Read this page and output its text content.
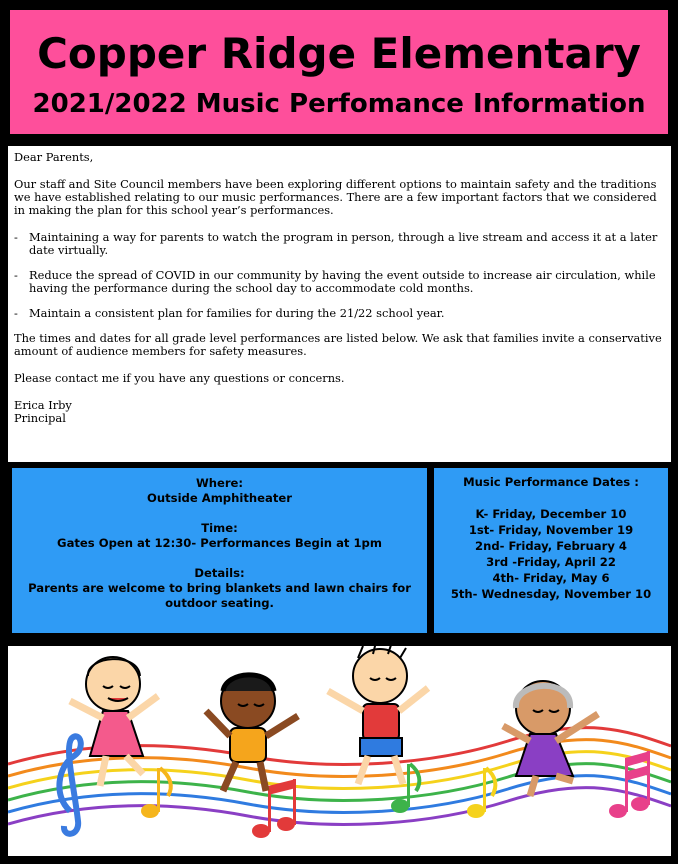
Copper Ridge Elementary
2021/2022 Music Perfomance Information

Dear Parents,

Our staff and Site Council members have been exploring different options to maintain safety and the traditions we have established relating to our music performances. There are a few important factors that we considered in making the plan for this school year’s performances.

- Maintaining a way for parents to watch the program in person, through a live stream and access it at a later date virtually.
- Reduce the spread of COVID in our community by having the event outside to increase air circulation, while having the performance during the school day to accommodate cold months.
- Maintain a consistent plan for families for during the 21/22 school year.

The times and dates for all grade level performances are listed below. We ask that families invite a conservative amount of audience members for safety measures.

Please contact me if you have any questions or concerns.

Erica Irby
Principal
Where:
Outside Amphitheater
Time:
Gates Open at 12:30- Performances Begin at 1pm
Details:
Parents are welcome to bring blankets and lawn chairs for outdoor seating.
Music Performance Dates :
K- Friday, December 10
1st- Friday, November 19
2nd- Friday, February 4
3rd -Friday, April 22
4th- Friday, May 6
5th- Wednesday, November 10
